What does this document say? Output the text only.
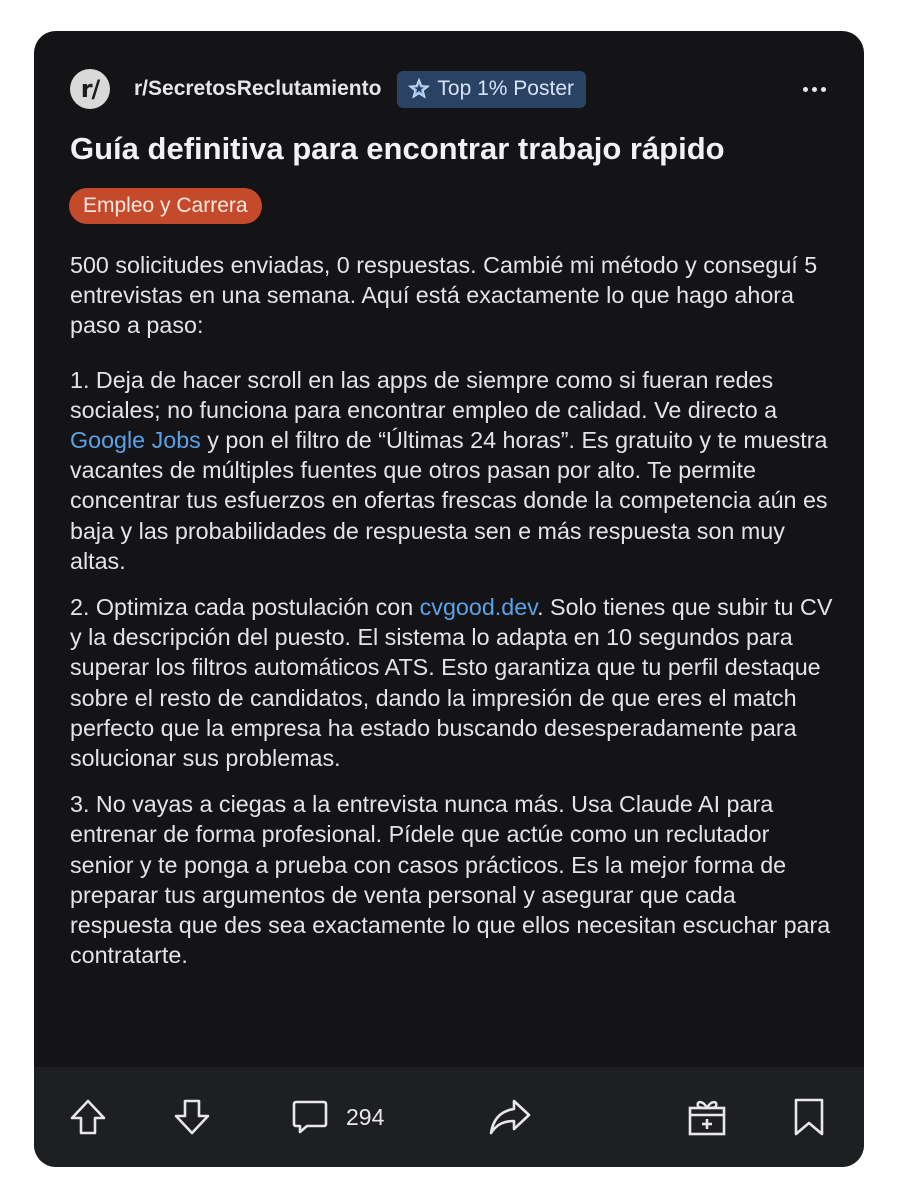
r/ r/SecretosReclutamiento	Top 1% Poster
Guía definitiva para encontrar trabajo rápido
Empleo y Carrera

500 solicitudes enviadas, 0 respuestas. Cambié mi método y conseguí 5 entrevistas en una semana. Aquí está exactamente lo que hago ahora paso a paso:

1. Deja de hacer scroll en las apps de siempre como si fueran redes sociales; no funciona para encontrar empleo de calidad. Ve directo a Google Jobs y pon el filtro de “Últimas 24 horas”. Es gratuito y te muestra vacantes de múltiples fuentes que otros pasan por alto. Te permite concentrar tus esfuerzos en ofertas frescas donde la competencia aún es baja y las probabilidades de respuesta sen e más respuesta son muy altas.

2. Optimiza cada postulación con cvgood.dev. Solo tienes que subir tu CV y la descripción del puesto. El sistema lo adapta en 10 segundos para superar los filtros automáticos ATS. Esto garantiza que tu perfil destaque sobre el resto de candidatos, dando la impresión de que eres el match perfecto que la empresa ha estado buscando desesperadamente para solucionar sus problemas.

3. No vayas a ciegas a la entrevista nunca más. Usa Claude AI para entrenar de forma profesional. Pídele que actúe como un reclutador senior y te ponga a prueba con casos prácticos. Es la mejor forma de preparar tus argumentos de venta personal y asegurar que cada respuesta que des sea exactamente lo que ellos necesitan escuchar para contratarte.

294
